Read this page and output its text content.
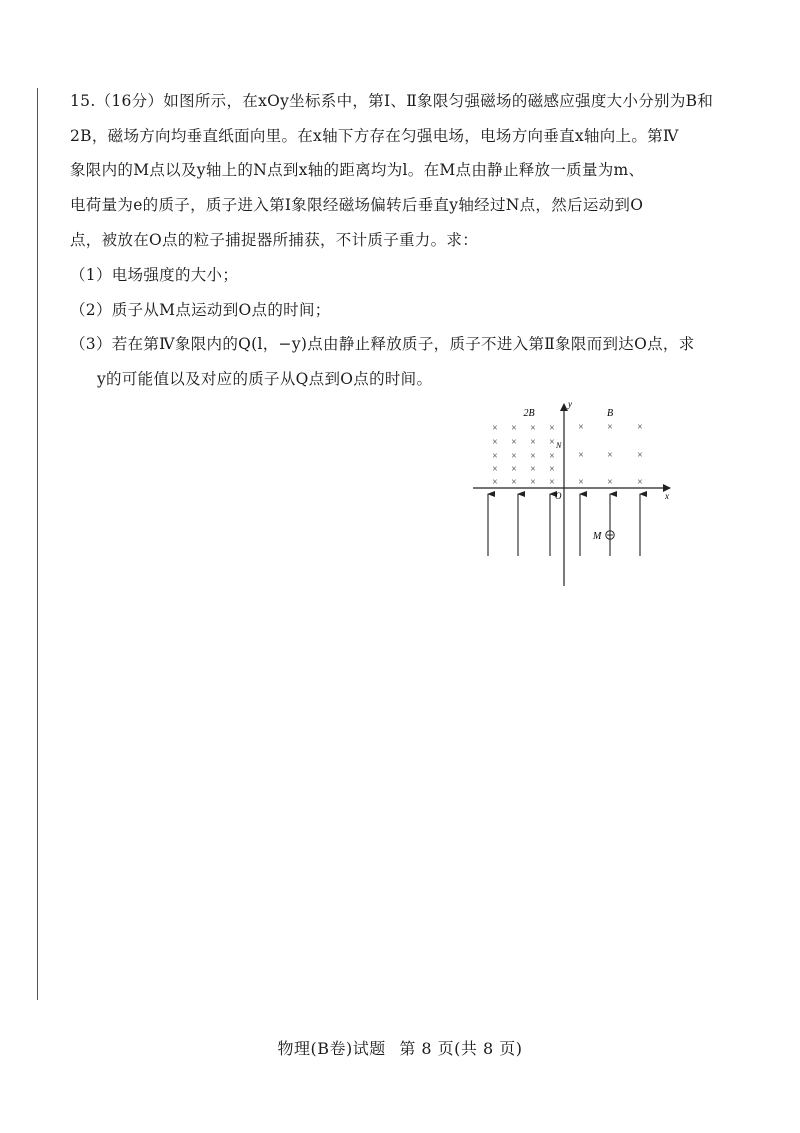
15.（16分）如图所示，在xOy坐标系中，第Ⅰ、Ⅱ象限匀强磁场的磁感应强度大小分别为B和
2B，磁场方向均垂直纸面向里。在x轴下方存在匀强电场，电场方向垂直x轴向上。第Ⅳ
象限内的M点以及y轴上的N点到x轴的距离均为l。在M点由静止释放一质量为m、
电荷量为e的质子，质子进入第Ⅰ象限经磁场偏转后垂直y轴经过N点，然后运动到O
点，被放在O点的粒子捕捉器所捕获，不计质子重力。求：
（1）电场强度的大小；
（2）质子从M点运动到O点的时间；
（3）若在第Ⅳ象限内的Q(l，−y)点由静止释放质子，质子不进入第Ⅱ象限而到达O点，求
y的可能值以及对应的质子从Q点到O点的时间。
× × × ×
× × × ×
× × × ×
× × × ×
× × × ×
× × ×
× × ×
× × ×
2B	B
y
x
O
N
M
物理(B卷)试题 第 8 页(共 8 页)
